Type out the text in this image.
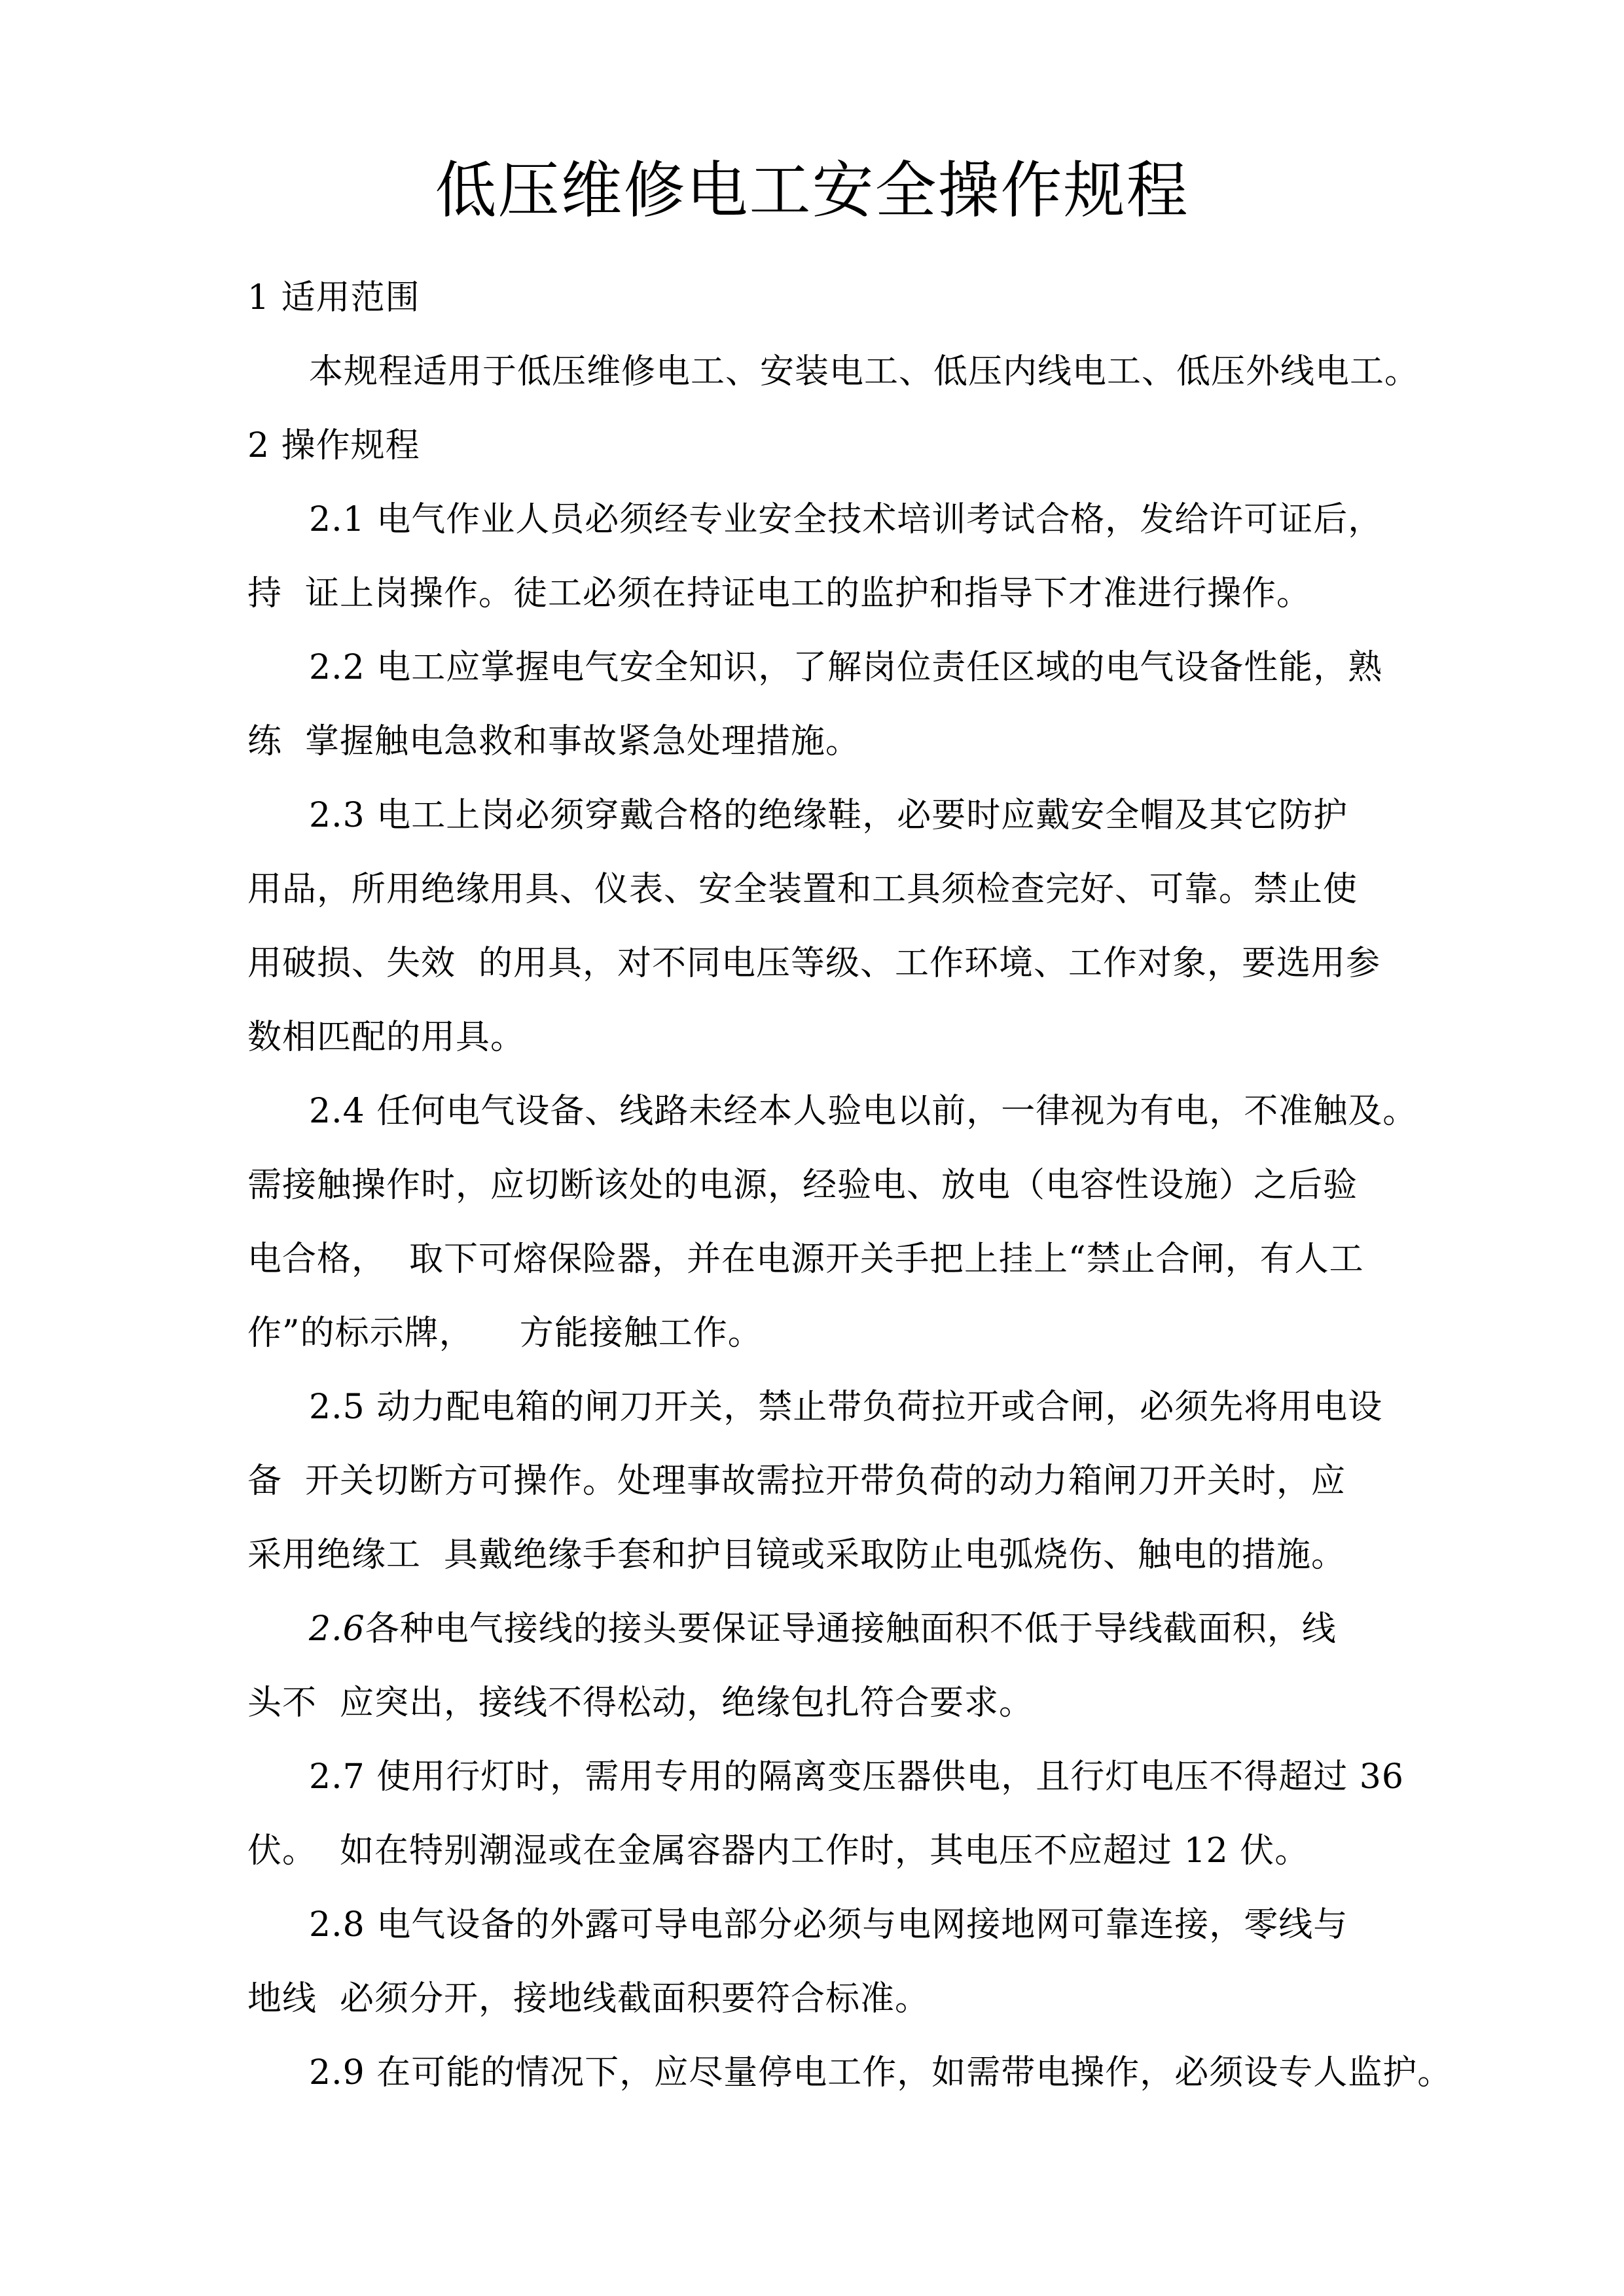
低压维修电工安全操作规程
1 适用范围
本规程适用于低压维修电工、安装电工、低压内线电工、低压外线电工。
2 操作规程
2.1 电气作业人员必须经专业安全技术培训考试合格，发给许可证后，
持  证上岗操作。徒工必须在持证电工的监护和指导下才准进行操作。
2.2 电工应掌握电气安全知识，了解岗位责任区域的电气设备性能，熟
练  掌握触电急救和事故紧急处理措施。
2.3 电工上岗必须穿戴合格的绝缘鞋，必要时应戴安全帽及其它防护
用品，所用绝缘用具、仪表、安全装置和工具须检查完好、可靠。禁止使
用破损、失效  的用具，对不同电压等级、工作环境、工作对象，要选用参
数相匹配的用具。
2.4 任何电气设备、线路未经本人验电以前，一律视为有电，不准触及。
需接触操作时，应切断该处的电源，经验电、放电（电容性设施）之后验
电合格，  取下可熔保险器，并在电源开关手把上挂上“禁止合闸，有人工
作”的标示牌，    方能接触工作。
2.5 动力配电箱的闸刀开关，禁止带负荷拉开或合闸，必须先将用电设
备  开关切断方可操作。处理事故需拉开带负荷的动力箱闸刀开关时，应
采用绝缘工  具戴绝缘手套和护目镜或采取防止电弧烧伤、触电的措施。
2.6各种电气接线的接头要保证导通接触面积不低于导线截面积，线
头不  应突出，接线不得松动，绝缘包扎符合要求。
2.7 使用行灯时，需用专用的隔离变压器供电，且行灯电压不得超过 36
伏。  如在特别潮湿或在金属容器内工作时，其电压不应超过 12 伏。
2.8 电气设备的外露可导电部分必须与电网接地网可靠连接，零线与
地线  必须分开，接地线截面积要符合标准。
2.9 在可能的情况下，应尽量停电工作，如需带电操作，必须设专人监护。
